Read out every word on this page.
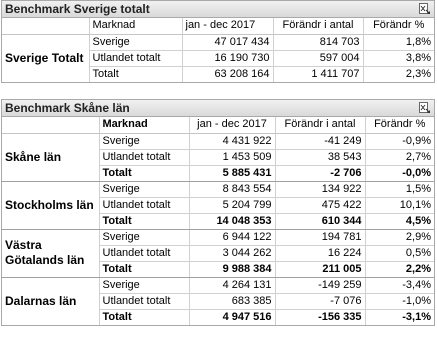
Benchmark Sverige totalt
	Marknad	jan - dec 2017	Förändr i antal	Förändr %
Sverige Totalt	Sverige	47 017 434	814 703	1,8%
	Utlandet totalt	16 190 730	597 004	3,8%
	Totalt	63 208 164	1 411 707	2,3%
Benchmark Skåne län
	Marknad	jan - dec 2017	Förändr i antal	Förändr %
Skåne län	Sverige	4 431 922	-41 249	-0,9%
	Utlandet totalt	1 453 509	38 543	2,7%
	Totalt	5 885 431	-2 706	-0,0%
Stockholms län	Sverige	8 843 554	134 922	1,5%
	Utlandet totalt	5 204 799	475 422	10,1%
	Totalt	14 048 353	610 344	4,5%
Västra Götalands län	Sverige	6 944 122	194 781	2,9%
	Utlandet totalt	3 044 262	16 224	0,5%
	Totalt	9 988 384	211 005	2,2%
Dalarnas län	Sverige	4 264 131	-149 259	-3,4%
	Utlandet totalt	683 385	-7 076	-1,0%
	Totalt	4 947 516	-156 335	-3,1%
